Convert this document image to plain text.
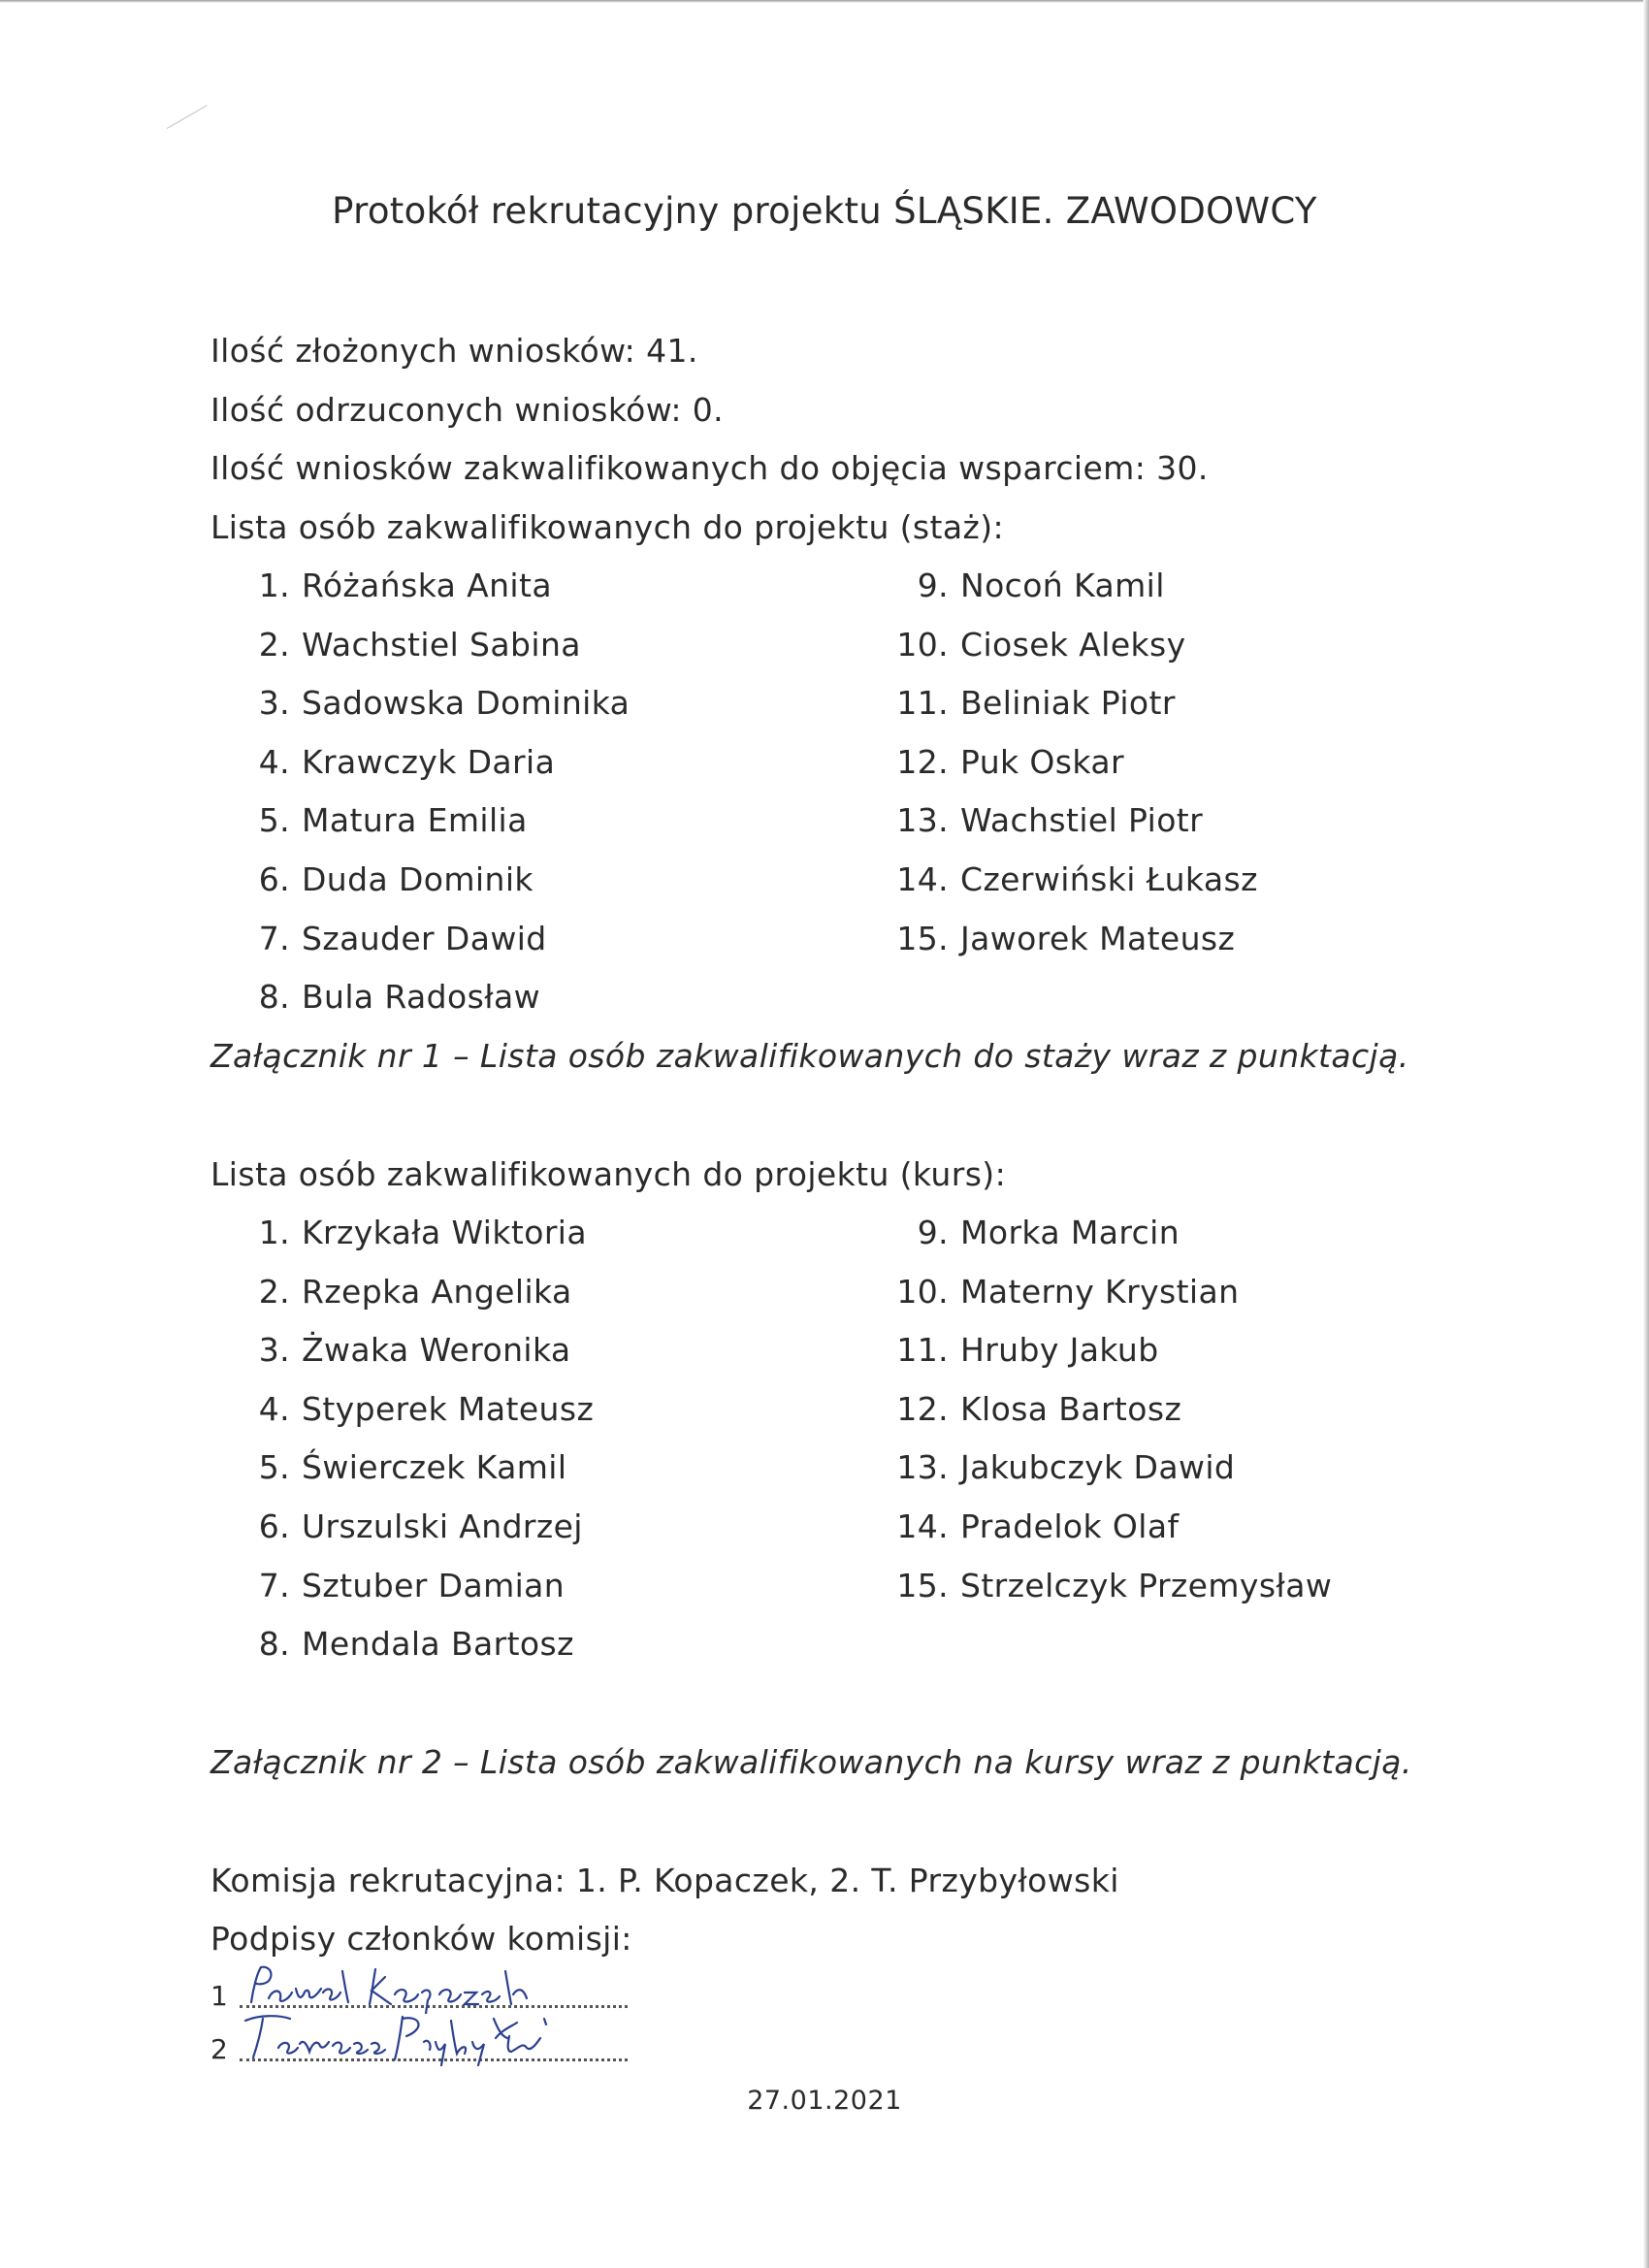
Protokół rekrutacyjny projektu ŚLĄSKIE. ZAWODOWCY
Ilość złożonych wniosków: 41.
Ilość odrzuconych wniosków: 0.
Ilość wniosków zakwalifikowanych do objęcia wsparciem: 30.
Lista osób zakwalifikowanych do projektu (staż):
1. Różańska Anita
2. Wachstiel Sabina
3. Sadowska Dominika
4. Krawczyk Daria
5. Matura Emilia
6. Duda Dominik
7. Szauder Dawid
8. Bula Radosław
9. Nocoń Kamil
10. Ciosek Aleksy
11. Beliniak Piotr
12. Puk Oskar
13. Wachstiel Piotr
14. Czerwiński Łukasz
15. Jaworek Mateusz
Załącznik nr 1 – Lista osób zakwalifikowanych do staży wraz z punktacją.
Lista osób zakwalifikowanych do projektu (kurs):
1. Krzykała Wiktoria
2. Rzepka Angelika
3. Żwaka Weronika
4. Styperek Mateusz
5. Świerczek Kamil
6. Urszulski Andrzej
7. Sztuber Damian
8. Mendala Bartosz
9. Morka Marcin
10. Materny Krystian
11. Hruby Jakub
12. Klosa Bartosz
13. Jakubczyk Dawid
14. Pradelok Olaf
15. Strzelczyk Przemysław
Załącznik nr 2 – Lista osób zakwalifikowanych na kursy wraz z punktacją.
Komisja rekrutacyjna: 1. P. Kopaczek, 2. T. Przybyłowski
Podpisy członków komisji:
1
2
27.01.2021
